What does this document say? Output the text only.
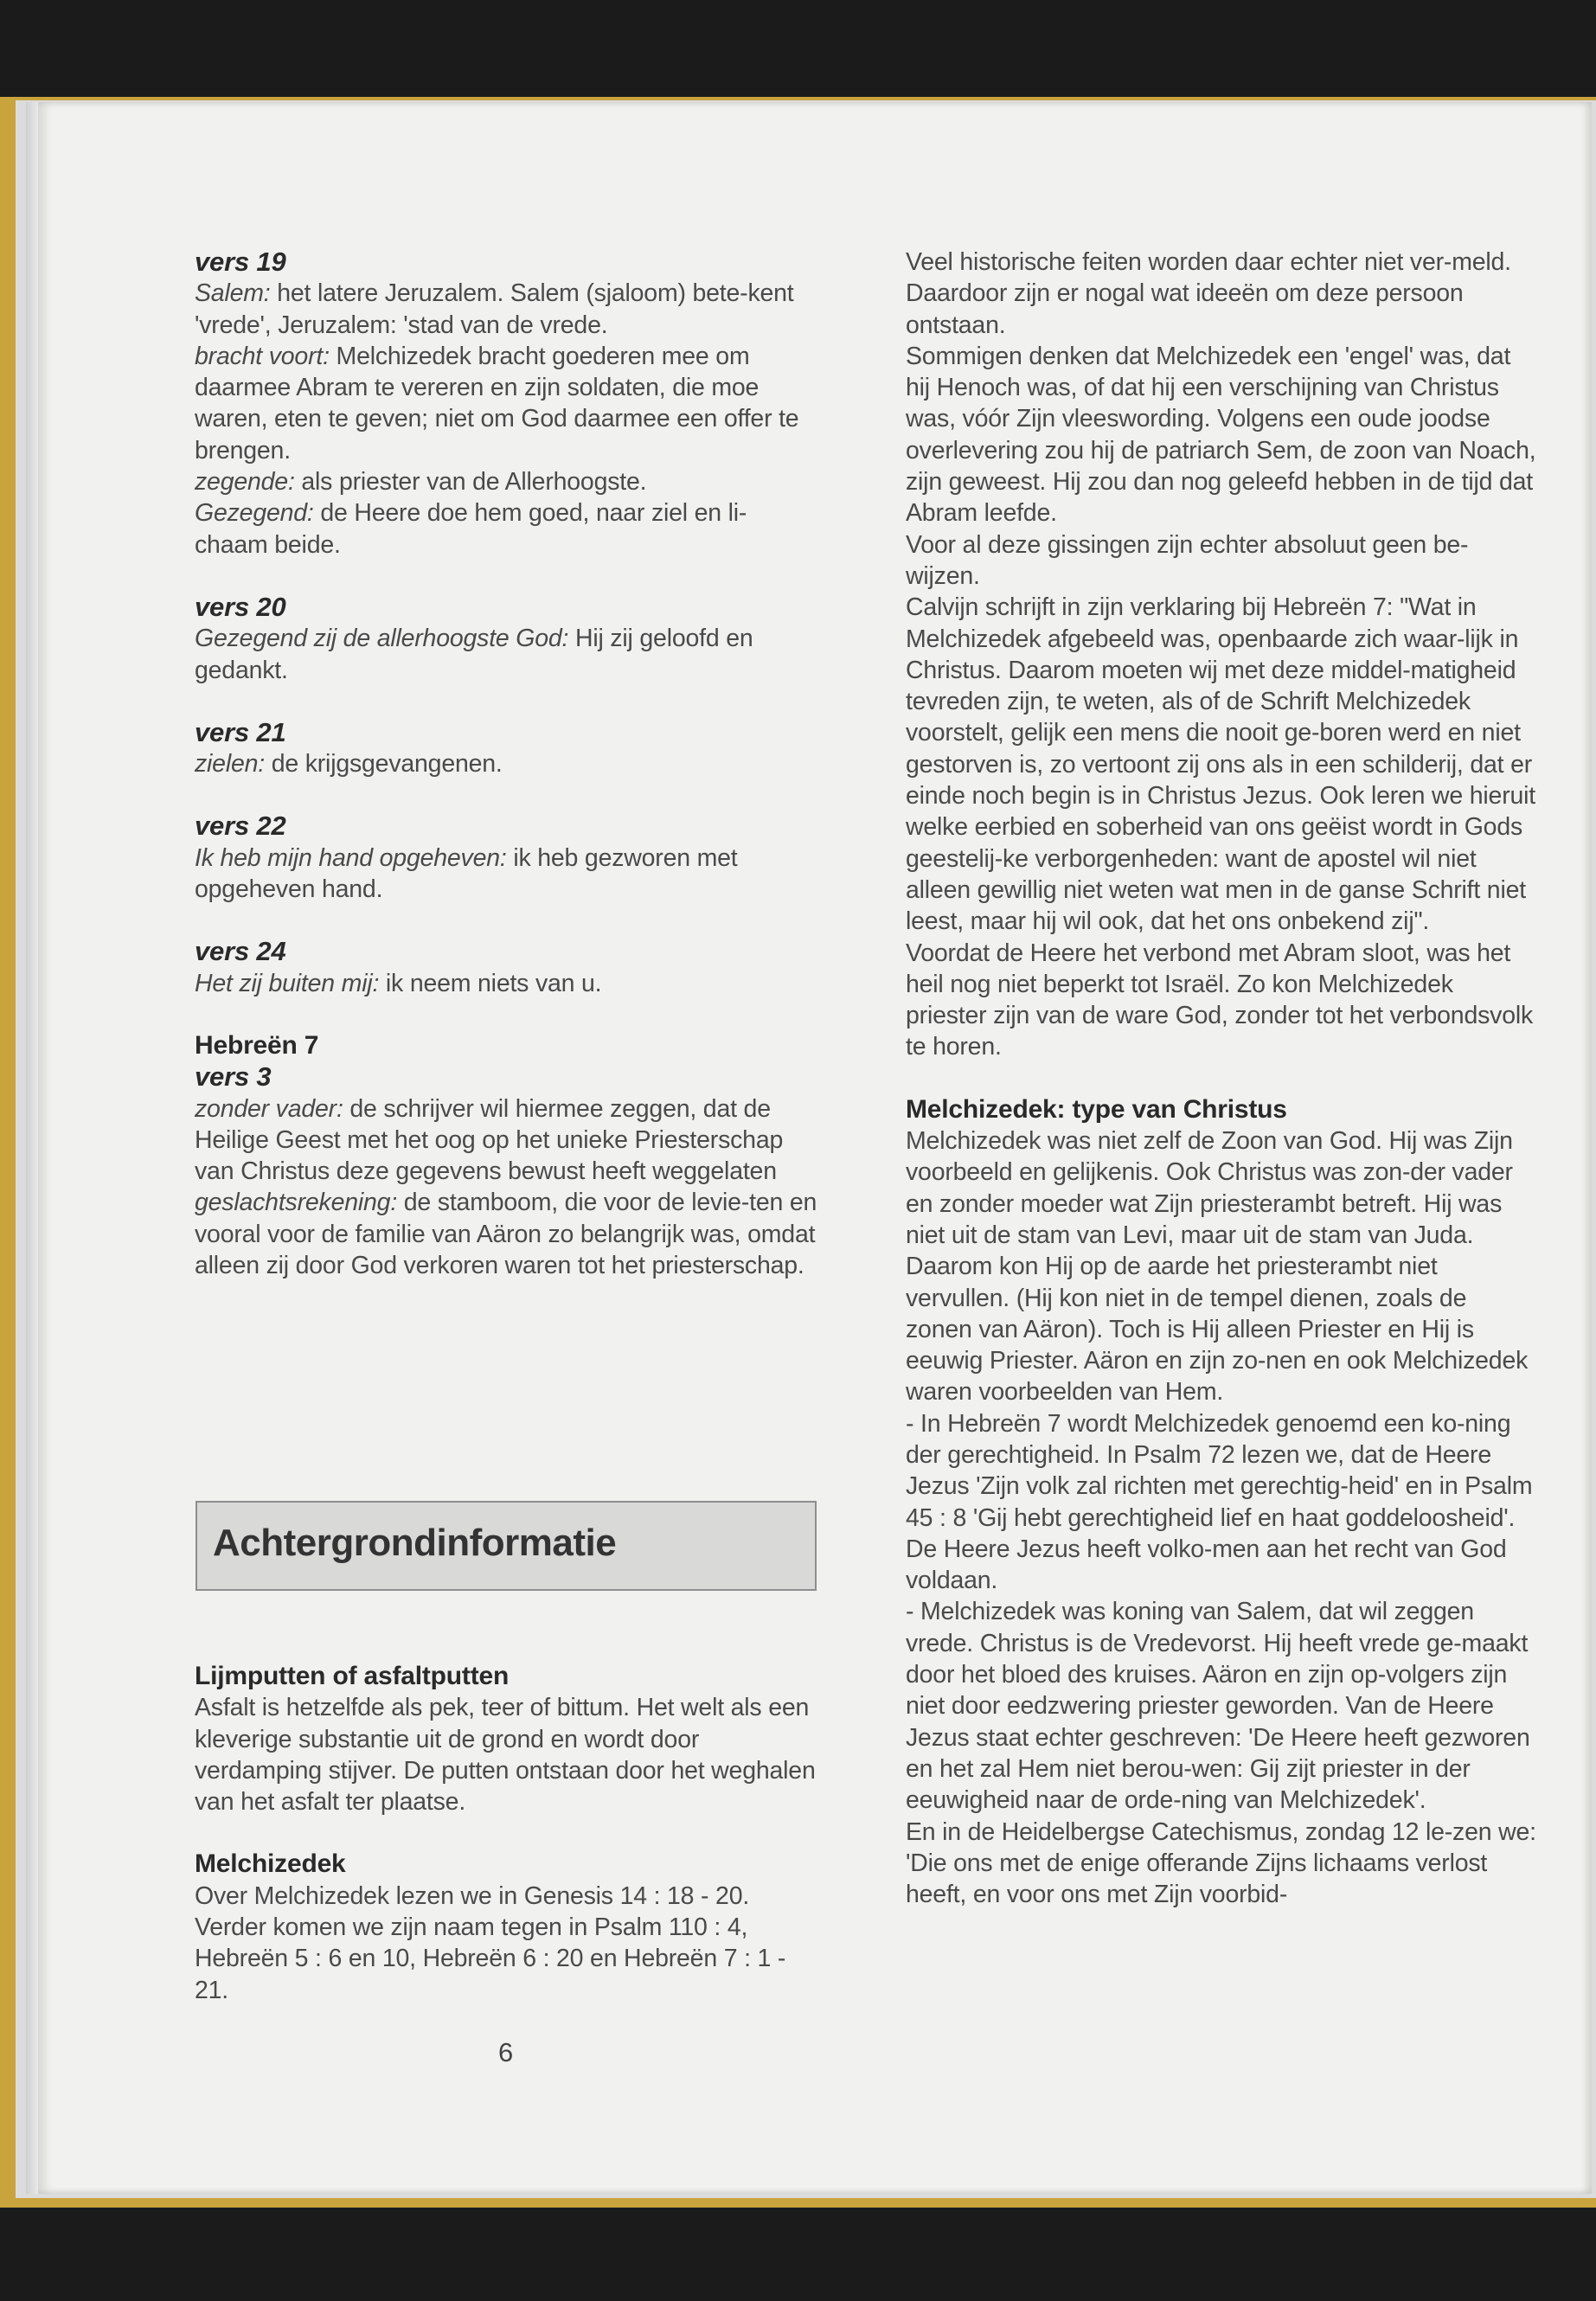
vers 19

Salem: het latere Jeruzalem. Salem (sjaloom) bete-kent 'vrede', Jeruzalem: 'stad van de vrede.

bracht voort: Melchizedek bracht goederen mee om daarmee Abram te vereren en zijn soldaten, die moe waren, eten te geven; niet om God daarmee een offer te brengen.

zegende: als priester van de Allerhoogste.

Gezegend: de Heere doe hem goed, naar ziel en li-chaam beide.

vers 20

Gezegend zij de allerhoogste God: Hij zij geloofd en gedankt.

vers 21

zielen: de krijgsgevangenen.

vers 22

Ik heb mijn hand opgeheven: ik heb gezworen met opgeheven hand.

vers 24

Het zij buiten mij: ik neem niets van u.

Hebreën 7

vers 3

zonder vader: de schrijver wil hiermee zeggen, dat de Heilige Geest met het oog op het unieke Priesterschap van Christus deze gegevens bewust heeft weggelaten

geslachtsrekening: de stamboom, die voor de levie-ten en vooral voor de familie van Aäron zo belangrijk was, omdat alleen zij door God verkoren waren tot het priesterschap.

Achtergrondinformatie

Lijmputten of asfaltputten

Asfalt is hetzelfde als pek, teer of bittum. Het welt als een kleverige substantie uit de grond en wordt door verdamping stijver. De putten ontstaan door het weghalen van het asfalt ter plaatse.

Melchizedek

Over Melchizedek lezen we in Genesis 14 : 18 - 20. Verder komen we zijn naam tegen in Psalm 110 : 4, Hebreën 5 : 6 en 10, Hebreën 6 : 20 en Hebreën 7 : 1 - 21.

6

Veel historische feiten worden daar echter niet ver-meld. Daardoor zijn er nogal wat ideeën om deze persoon ontstaan.

Sommigen denken dat Melchizedek een 'engel' was, dat hij Henoch was, of dat hij een verschijning van Christus was, vóór Zijn vleeswording. Volgens een oude joodse overlevering zou hij de patriarch Sem, de zoon van Noach, zijn geweest. Hij zou dan nog geleefd hebben in de tijd dat Abram leefde.

Voor al deze gissingen zijn echter absoluut geen be-wijzen.

Calvijn schrijft in zijn verklaring bij Hebreën 7: "Wat in Melchizedek afgebeeld was, openbaarde zich waar-lijk in Christus. Daarom moeten wij met deze middel-matigheid tevreden zijn, te weten, als of de Schrift Melchizedek voorstelt, gelijk een mens die nooit ge-boren werd en niet gestorven is, zo vertoont zij ons als in een schilderij, dat er einde noch begin is in Christus Jezus. Ook leren we hieruit welke eerbied en soberheid van ons geëist wordt in Gods geestelij-ke verborgenheden: want de apostel wil niet alleen gewillig niet weten wat men in de ganse Schrift niet leest, maar hij wil ook, dat het ons onbekend zij".

Voordat de Heere het verbond met Abram sloot, was het heil nog niet beperkt tot Israël. Zo kon Melchizedek priester zijn van de ware God, zonder tot het verbondsvolk te horen.

Melchizedek: type van Christus

Melchizedek was niet zelf de Zoon van God. Hij was Zijn voorbeeld en gelijkenis. Ook Christus was zon-der vader en zonder moeder wat Zijn priesterambt betreft. Hij was niet uit de stam van Levi, maar uit de stam van Juda. Daarom kon Hij op de aarde het priesterambt niet vervullen. (Hij kon niet in de tempel dienen, zoals de zonen van Aäron). Toch is Hij alleen Priester en Hij is eeuwig Priester. Aäron en zijn zo-nen en ook Melchizedek waren voorbeelden van Hem.

- In Hebreën 7 wordt Melchizedek genoemd een ko-ning der gerechtigheid. In Psalm 72 lezen we, dat de Heere Jezus 'Zijn volk zal richten met gerechtig-heid' en in Psalm 45 : 8 'Gij hebt gerechtigheid lief en haat goddeloosheid'. De Heere Jezus heeft volko-men aan het recht van God voldaan.

- Melchizedek was koning van Salem, dat wil zeggen vrede. Christus is de Vredevorst. Hij heeft vrede ge-maakt door het bloed des kruises. Aäron en zijn op-volgers zijn niet door eedzwering priester geworden. Van de Heere Jezus staat echter geschreven: 'De Heere heeft gezworen en het zal Hem niet berou-wen: Gij zijt priester in der eeuwigheid naar de orde-ning van Melchizedek'.

En in de Heidelbergse Catechismus, zondag 12 le-zen we: 'Die ons met de enige offerande Zijns lichaams verlost heeft, en voor ons met Zijn voorbid-
